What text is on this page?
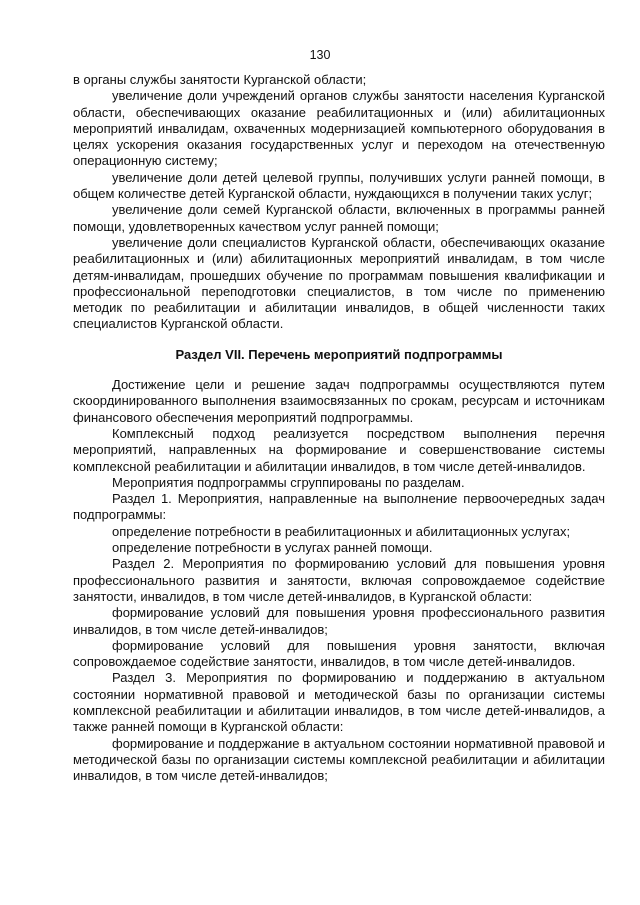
130

в органы службы занятости Курганской области;

увеличение доли учреждений органов службы занятости населения Курганской области, обеспечивающих оказание реабилитационных и (или) абилитационных мероприятий инвалидам, охваченных модернизацией компьютерного оборудования в целях ускорения оказания государственных услуг и переходом на отечественную операционную систему;

увеличение доли детей целевой группы, получивших услуги ранней помощи, в общем количестве детей Курганской области, нуждающихся в получении таких услуг;

увеличение доли семей Курганской области, включенных в программы ранней помощи, удовлетворенных качеством услуг ранней помощи;

увеличение доли специалистов Курганской области, обеспечивающих оказание реабилитационных и (или) абилитационных мероприятий инвалидам, в том числе детям-инвалидам, прошедших обучение по программам повышения квалификации и профессиональной переподготовки специалистов, в том числе по применению методик по реабилитации и абилитации инвалидов, в общей численности таких специалистов Курганской области.

Раздел VII. Перечень мероприятий подпрограммы

Достижение цели и решение задач подпрограммы осуществляются путем скоординированного выполнения взаимосвязанных по срокам, ресурсам и источникам финансового обеспечения мероприятий подпрограммы.

Комплексный подход реализуется посредством выполнения перечня мероприятий, направленных на формирование и совершенствование системы комплексной реабилитации и абилитации инвалидов, в том числе детей-инвалидов.

Мероприятия подпрограммы сгруппированы по разделам.

Раздел 1. Мероприятия, направленные на выполнение первоочередных задач подпрограммы:

определение потребности в реабилитационных и абилитационных услугах;

определение потребности в услугах ранней помощи.

Раздел 2. Мероприятия по формированию условий для повышения уровня профессионального развития и занятости, включая сопровождаемое содействие занятости, инвалидов, в том числе детей-инвалидов, в Курганской области:

формирование условий для повышения уровня профессионального развития инвалидов, в том числе детей-инвалидов;

формирование условий для повышения уровня занятости, включая сопровождаемое содействие занятости, инвалидов, в том числе детей-инвалидов.

Раздел 3. Мероприятия по формированию и поддержанию в актуальном состоянии нормативной правовой и методической базы по организации системы комплексной реабилитации и абилитации инвалидов, в том числе детей-инвалидов, а также ранней помощи в Курганской области:

формирование и поддержание в актуальном состоянии нормативной правовой и методической базы по организации системы комплексной реабилитации и абилитации инвалидов, в том числе детей-инвалидов;
